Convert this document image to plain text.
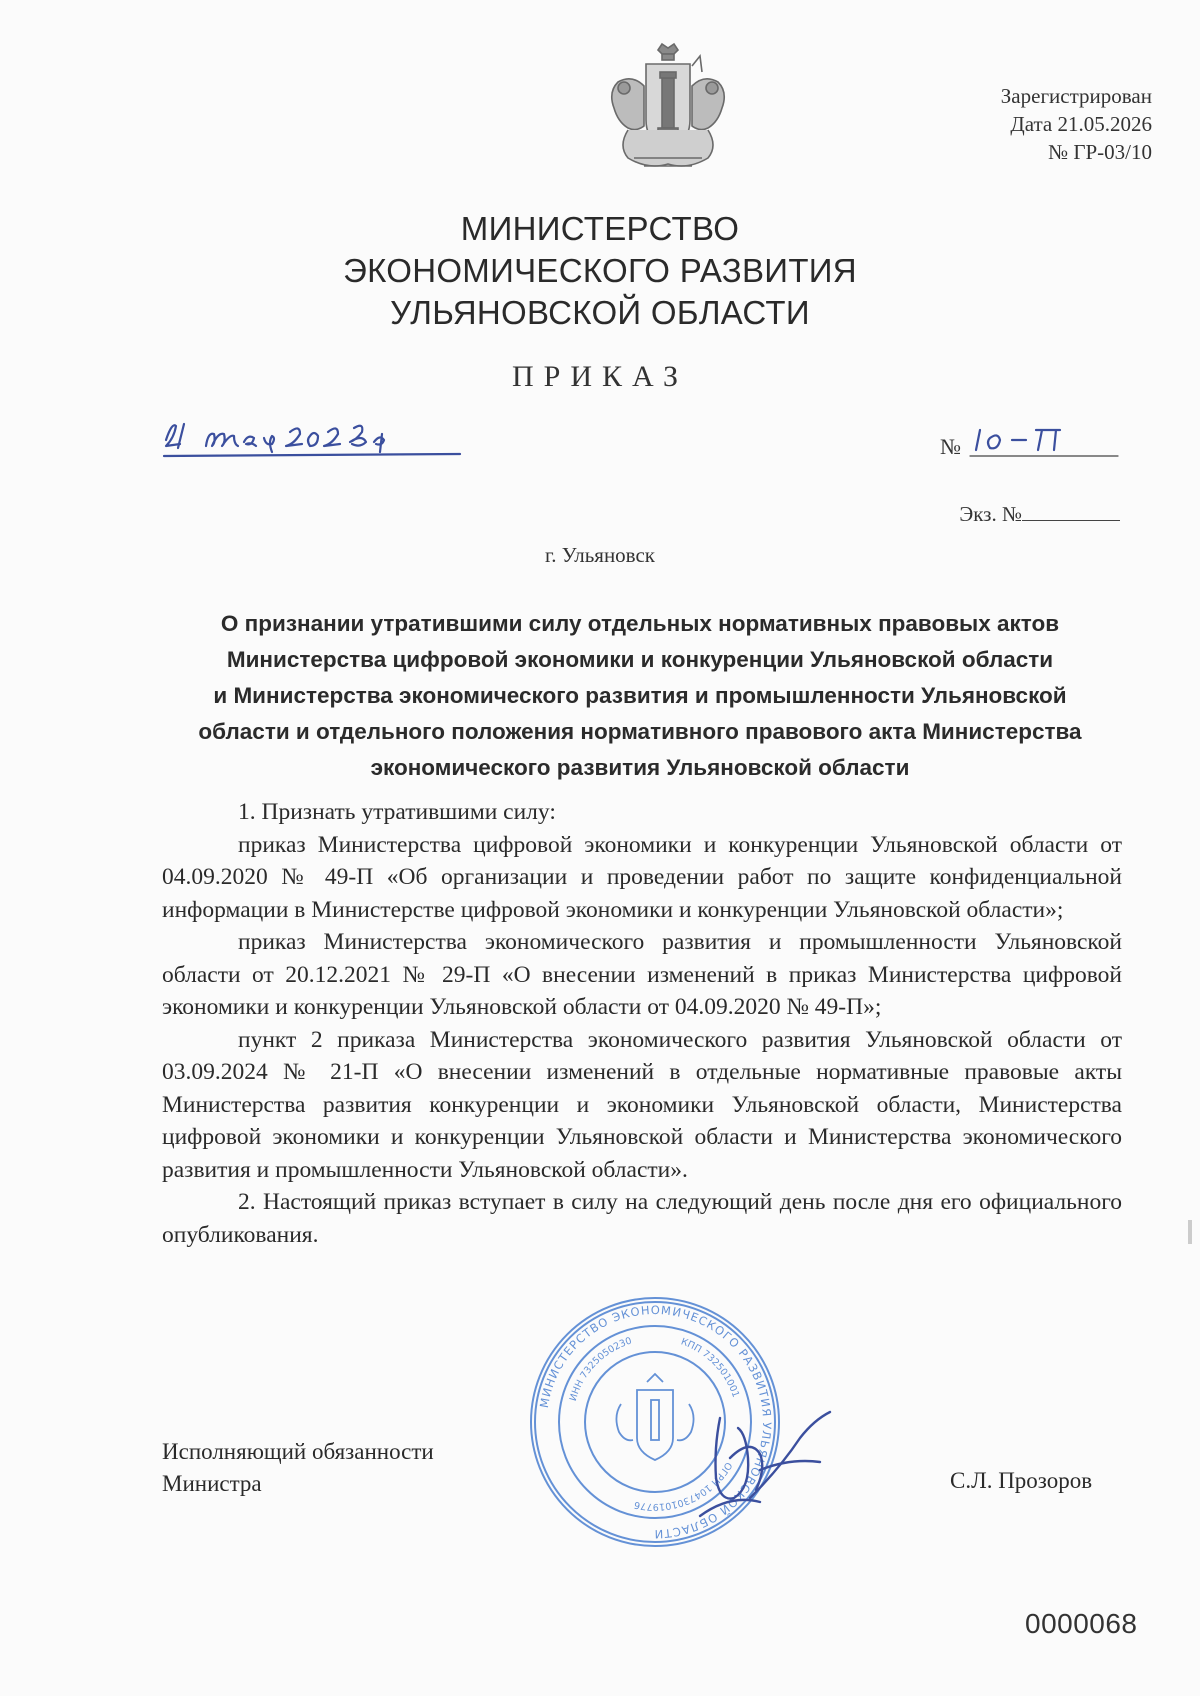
Зарегистрирован
Дата 21.05.2026
№ ГР-03/10
МИНИСТЕРСТВО
ЭКОНОМИЧЕСКОГО РАЗВИТИЯ
УЛЬЯНОВСКОЙ ОБЛАСТИ
ПРИКАЗ
№
Экз. №
г. Ульяновск
О признании утратившими силу отдельных нормативных правовых актов
Министерства цифровой экономики и конкуренции Ульяновской области
и Министерства экономического развития и промышленности Ульяновской
области и отдельного положения нормативного правового акта Министерства
экономического развития Ульяновской области

1. Признать утратившими силу:

приказ Министерства цифровой экономики и конкуренции Ульяновской области от 04.09.2020 № 49-П «Об организации и проведении работ по защите конфиденциальной информации в Министерстве цифровой экономики и конкуренции Ульяновской области»;

приказ Министерства экономического развития и промышленности Ульяновской области от 20.12.2021 № 29-П «О внесении изменений в приказ Министерства цифровой экономики и конкуренции Ульяновской области от 04.09.2020 № 49-П»;

пункт 2 приказа Министерства экономического развития Ульяновской области от 03.09.2024 № 21-П «О внесении изменений в отдельные нормативные правовые акты Министерства развития конкуренции и экономики Ульяновской области, Министерства цифровой экономики и конкуренции Ульяновской области и Министерства экономического развития и промышленности Ульяновской области».

2. Настоящий приказ вступает в силу на следующий день после дня его официального опубликования.

Исполняющий обязанности
Министра	С.Л. Прозоров
МИНИСТЕРСТВО ЭКОНОМИЧЕСКОГО РАЗВИТИЯ УЛЬЯНОВСКОЙ ОБЛАСТИ
ИНН 7325050230	КПП 732501001
ОГРН 1047301019776
0000068
